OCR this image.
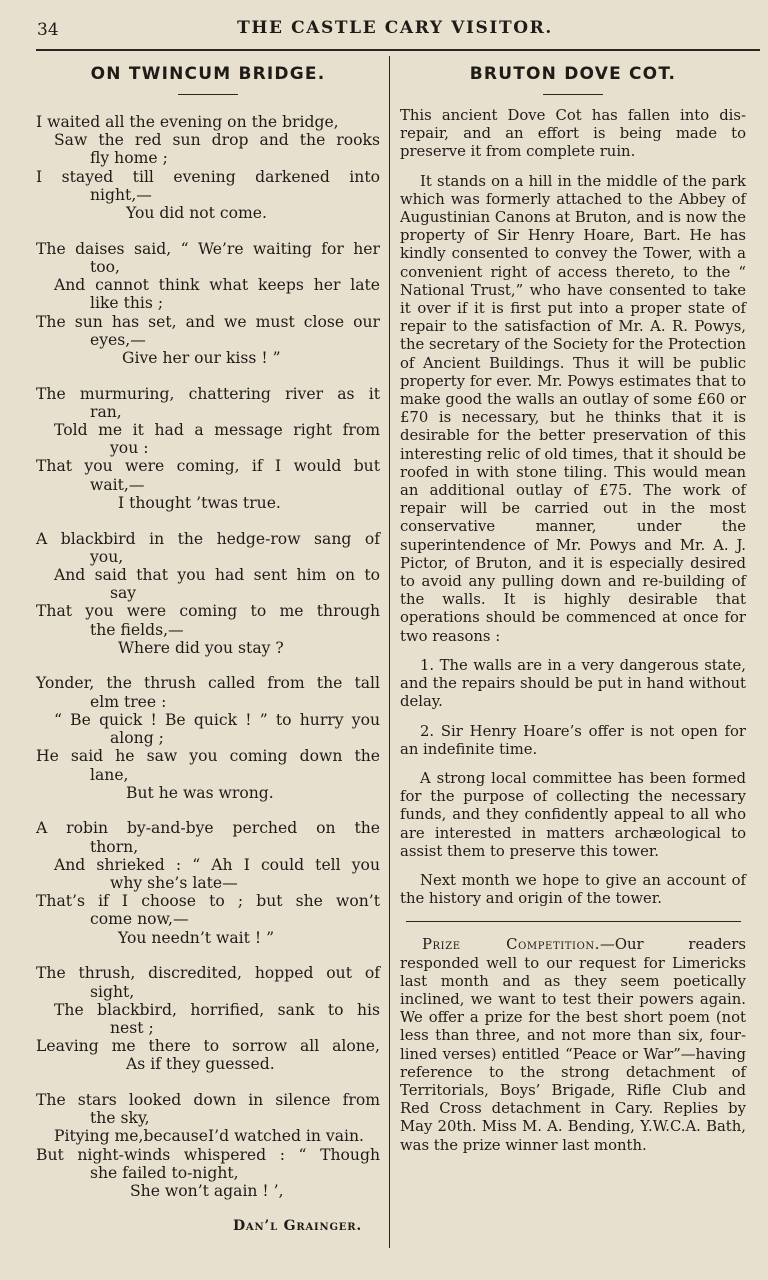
34	THE CASTLE CARY VISITOR.
ON TWINCUM BRIDGE.
I waited all the evening on the bridge,
Saw the red sun drop and the rooks
fly home ;
I stayed till evening darkened into
night,—
You did not come.
The daises said, “ We’re waiting for her
too,
And cannot think what keeps her late
like this ;
The sun has set, and we must close our
eyes,—
Give her our kiss ! ”
The murmuring, chattering river as it
ran,
Told me it had a message right from
you :
That you were coming, if I would but
wait,—
I thought ’twas true.
A blackbird in the hedge-row sang of
you,
And said that you had sent him on to
say
That you were coming to me through
the fields,—
Where did you stay ?
Yonder, the thrush called from the tall
elm tree :
“ Be quick ! Be quick ! ” to hurry you
along ;
He said he saw you coming down the
lane,
But he was wrong.
A robin by-and-bye perched on the
thorn,
And shrieked : “ Ah I could tell you
why she’s late—
That’s if I choose to ; but she won’t
come now,—
You needn’t wait ! ”
The thrush, discredited, hopped out of
sight,
The blackbird, horrified, sank to his
nest ;
Leaving me there to sorrow all alone,
As if they guessed.
The stars looked down in silence from
the sky,
Pitying me,becauseI’d watched in vain.
But night-winds whispered : “ Though
she failed to-night,
She won’t again ! ’,
Dan’l Grainger.
BRUTON DOVE COT.

This ancient Dove Cot has fallen into dis-repair, and an effort is being made to preserve it from complete ruin.

It stands on a hill in the middle of the park which was formerly attached to the Abbey of Augustinian Canons at Bruton, and is now the property of Sir Henry Hoare, Bart. He has kindly consented to convey the Tower, with a convenient right of access thereto, to the “ National Trust,” who have consented to take it over if it is first put into a proper state of repair to the satisfaction of Mr. A. R. Powys, the secretary of the Society for the Protection of Ancient Buildings. Thus it will be public property for ever. Mr. Powys estimates that to make good the walls an outlay of some £60 or £70 is necessary, but he thinks that it is desirable for the better preservation of this interesting relic of old times, that it should be roofed in with stone tiling. This would mean an additional outlay of £75. The work of repair will be carried out in the most conservative manner, under the superintendence of Mr. Powys and Mr. A. J. Pictor, of Bruton, and it is especially desired to avoid any pulling down and re-building of the walls. It is highly desirable that operations should be commenced at once for two reasons :

1. The walls are in a very dangerous state, and the repairs should be put in hand without delay.

2. Sir Henry Hoare’s offer is not open for an indefinite time.

A strong local committee has been formed for the purpose of collecting the necessary funds, and they confidently appeal to all who are interested in matters archæological to assist them to preserve this tower.

Next month we hope to give an account of the history and origin of the tower.

Prize Competition.—Our readers responded well to our request for Limericks last month and as they seem poetically inclined, we want to test their powers again. We offer a prize for the best short poem (not less than three, and not more than six, four-lined verses) entitled “Peace or War”—having reference to the strong detachment of Territorials, Boys’ Brigade, Rifle Club and Red Cross detachment in Cary. Replies by May 20th. Miss M. A. Bending, Y.W.C.A. Bath, was the prize winner last month.
